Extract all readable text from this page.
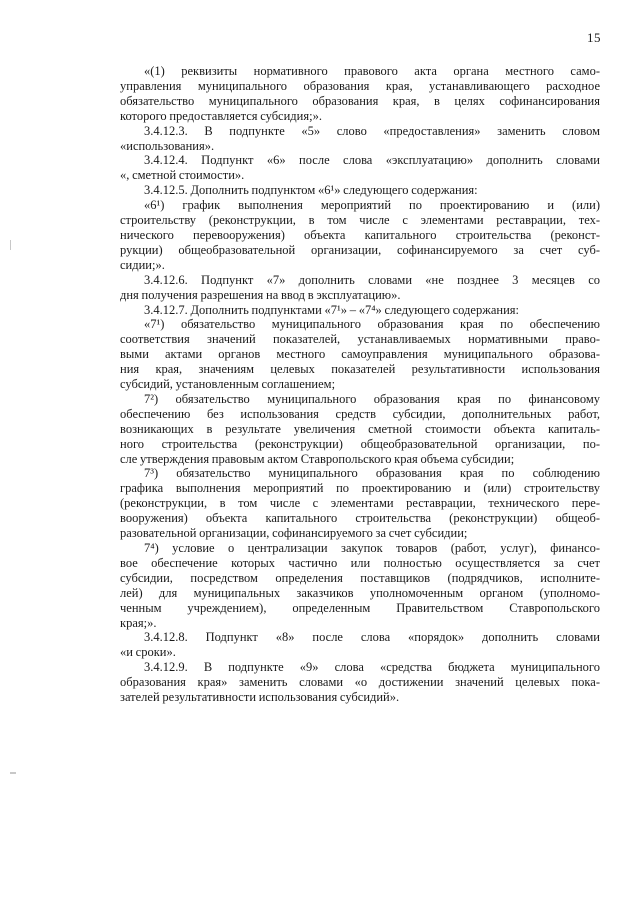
15

«(1) реквизиты нормативного правового акта органа местного само-
управления муниципального образования края, устанавливающего расходное
обязательство муниципального образования края, в целях софинансирования
которого предоставляется субсидия;».

3.4.12.3. В подпункте «5» слово «предоставления» заменить словом
«использования».

3.4.12.4. Подпункт «6» после слова «эксплуатацию» дополнить словами
«, сметной стоимости».

3.4.12.5. Дополнить подпунктом «6¹» следующего содержания:

«6¹) график выполнения мероприятий по проектированию и (или)
строительству (реконструкции, в том числе с элементами реставрации, тех-
нического перевооружения) объекта капитального строительства (реконст-
рукции) общеобразовательной организации, софинансируемого за счет суб-
сидии;».

3.4.12.6. Подпункт «7» дополнить словами «не позднее 3 месяцев со
дня получения разрешения на ввод в эксплуатацию».

3.4.12.7. Дополнить подпунктами «7¹» – «7⁴» следующего содержания:

«7¹) обязательство муниципального образования края по обеспечению
соответствия значений показателей, устанавливаемых нормативными право-
выми актами органов местного самоуправления муниципального образова-
ния края, значениям целевых показателей результативности использования
субсидий, установленным соглашением;

7²) обязательство муниципального образования края по финансовому
обеспечению без использования средств субсидии, дополнительных работ,
возникающих в результате увеличения сметной стоимости объекта капиталь-
ного строительства (реконструкции) общеобразовательной организации, по-
сле утверждения правовым актом Ставропольского края объема субсидии;

7³) обязательство муниципального образования края по соблюдению
графика выполнения мероприятий по проектированию и (или) строительству
(реконструкции, в том числе с элементами реставрации, технического пере-
вооружения) объекта капитального строительства (реконструкции) общеоб-
разовательной организации, софинансируемого за счет субсидии;

7⁴) условие о централизации закупок товаров (работ, услуг), финансо-
вое обеспечение которых частично или полностью осуществляется за счет
субсидии, посредством определения поставщиков (подрядчиков, исполните-
лей) для муниципальных заказчиков уполномоченным органом (уполномо-
ченным учреждением), определенным Правительством Ставропольского
края;».

3.4.12.8. Подпункт «8» после слова «порядок» дополнить словами
«и сроки».

3.4.12.9. В подпункте «9» слова «средства бюджета муниципального
образования края» заменить словами «о достижении значений целевых пока-
зателей результативности использования субсидий».
